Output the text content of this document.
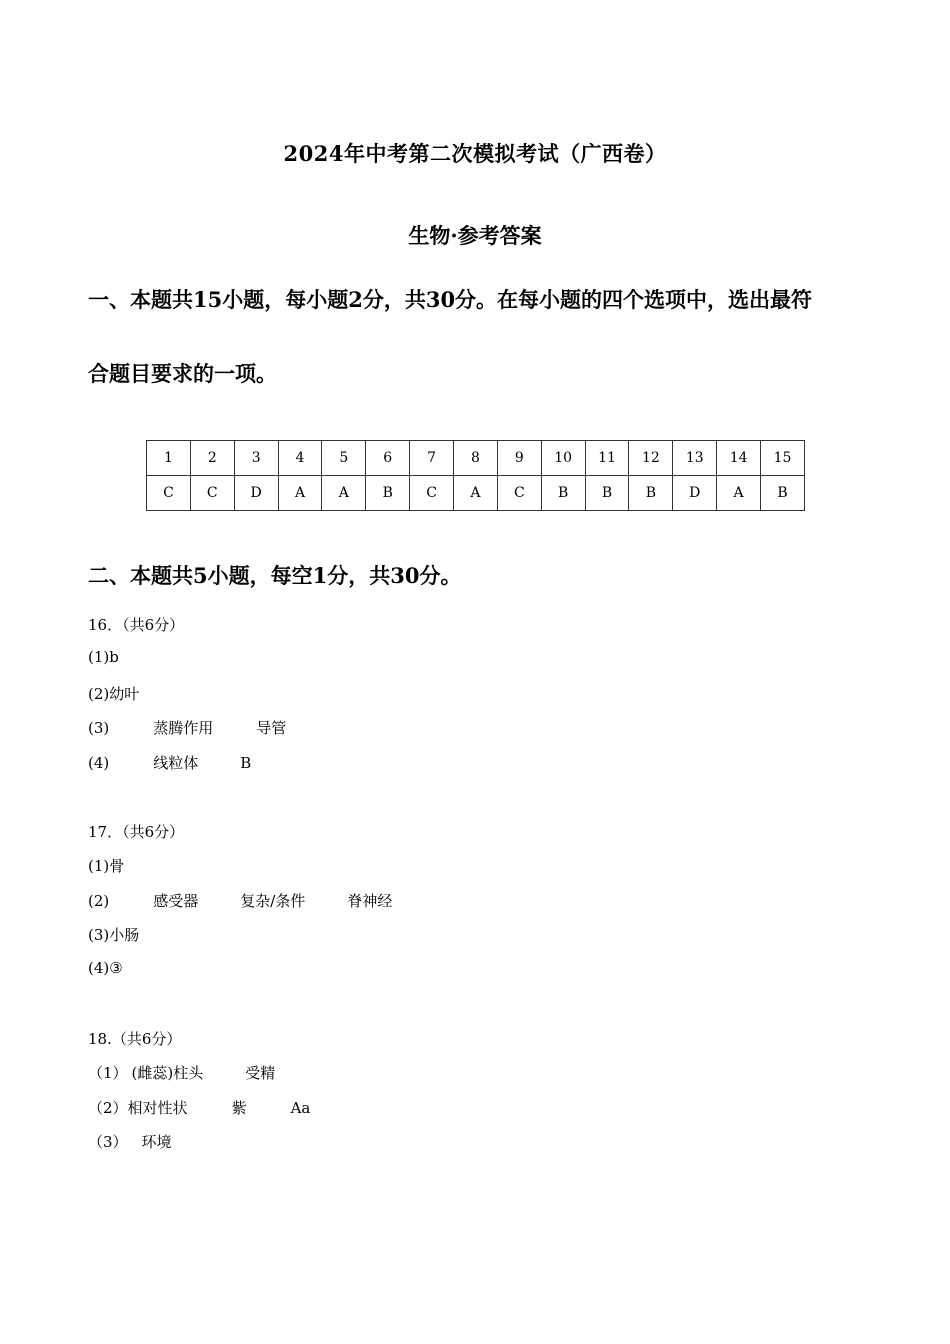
2024年中考第二次模拟考试（广西卷）
生物·参考答案
一、本题共15小题，每小题2分，共30分。在每小题的四个选项中，选出最符
合题目要求的一项。
1	2	3	4	5	6	7	8	9	10	11	12	13	14	15
C	C	D	A	A	B	C	A	C	B	B	B	D	A	B
二、本题共5小题，每空1分，共30分。
16．（共6分）
(1)b
(2)幼叶
(3)	蒸腾作用	导管
(4)	线粒体	B
17．（共6分）
(1)骨
(2)	感受器	复杂/条件	脊神经
(3)小肠
(4)③
18.（共6分）
（1） (雌蕊)柱头	受精
（2）相对性状	紫	Aa
（3） 环境
